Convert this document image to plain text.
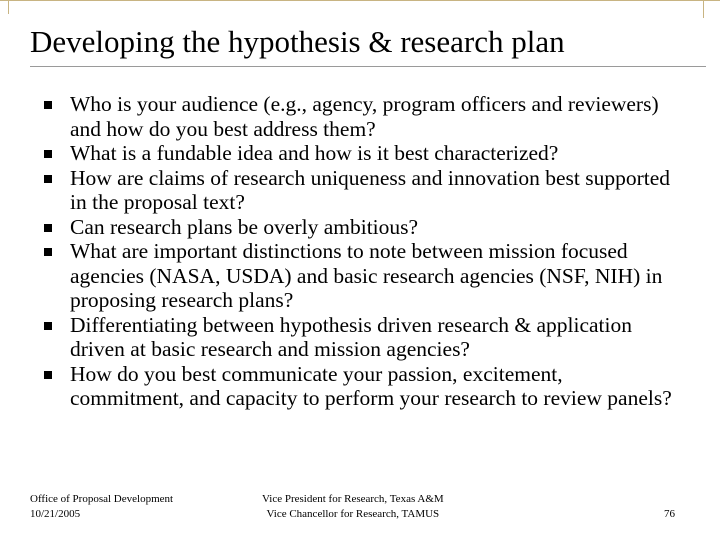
Developing the hypothesis & research plan
Who is your audience (e.g., agency, program officers and reviewers) and how do you best address them?
What is a fundable idea and how is it best characterized?
How are claims of research uniqueness and innovation best supported in the proposal text?
Can research plans be overly ambitious?
What are important distinctions to note between mission focused agencies (NASA, USDA) and basic research agencies (NSF, NIH) in proposing research plans?
Differentiating between hypothesis driven research & application driven at basic research and mission agencies?
How do you best communicate your passion, excitement, commitment, and capacity to perform your research to review panels?
Office of Proposal Development
10/21/2005
Vice President for Research, Texas A&M
Vice Chancellor for Research, TAMUS	76
